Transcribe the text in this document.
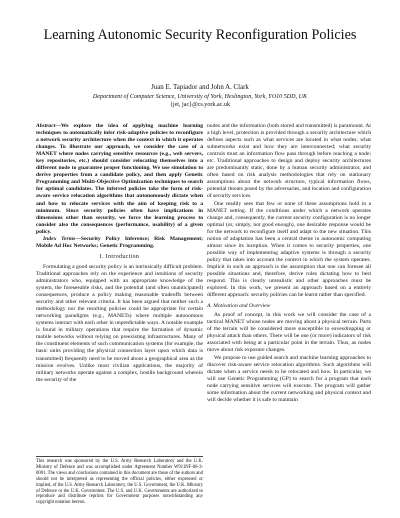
Learning Autonomic Security Reconfiguration Policies
Juan E. Tapiador and John A. Clark
Department of Computer Science, University of York, Heslington, York, YO10 5DD, UK
{jet, jac}@cs.york.ac.uk

Abstract—We explore the idea of applying machine learning techniques to automatically infer risk-adaptive policies to reconfigure a network security architecture when the context in which it operates changes. To illustrate our approach, we consider the case of a MANET where nodes carrying sensitive resources (e.g., web servers, key repositories, etc.) should consider relocating themselves into a different node to guarantee proper functioning. We use simulation to derive properties from a candidate policy, and then apply Genetic Programming and Multi-Objective Optimization techniques to search for optimal candidates. The inferred policies take the form of risk-aware service relocation algorithms that autonomously dictate when and how to relocate services with the aim of keeping risk to a minimum. Since security policies often have implications in dimensions other than security, we force the learning process to consider also the consequences (performance, usability) of a given policy.

Index Terms—Security Policy Inference; Risk Management; Mobile Ad Hoc Networks; Genetic Programming.

I. Introduction

Formulating a good security policy is an intrinsically difficult problem. Traditional approaches rely on the experience and intuitions of security administrators who, equipped with an appropriate knowledge of the system, the foreseeable risks, and the potential (and often unanticipated) consequences, produce a policy making reasonable tradeoffs between security and other relevant criteria. It has been argued that neither such a methodology nor the resulting policies could be appropriate for certain networking paradigms (e.g., MANETs) where multiple autonomous systems interact with each other in unpredictable ways. A notable example is found in military operations that require the formation of dynamic mobile networks without relying on preexisting infrastructures. Many of the constituent elements of such communication systems (for example, the basic units providing the physical connection layer upon which data is transmitted) frequently need to be moved about a geographical area as the mission evolves. Unlike most civilian applications, the majority of military networks operate against a complex, hostile background wherein the security of the

This research was sponsored by the U.S. Army Research Laboratory and the U.K. Ministry of Defence and was accomplished under Agreement Number W911NF-06-3-0001. The views and conclusions contained in this document are those of the authors and should not be interpreted as representing the official policies, either expressed or implied, of the U.S. Army Research Laboratory, the U.S. Government, the U.K. Ministry of Defence or the U.K. Government. The U.S. and U.K. Governments are authorized to reproduce and distribute reprints for Government purposes notwithstanding any copyright notation hereon.

nodes and the information (both stored and transmitted) is paramount. At a high level, protection is provided through a security architecture which defines aspects such as what services are located in what nodes; what subnetworks exist and how they are interconnected; what security controls must an information flow pass through before reaching a node; etc. Traditional approaches to design and deploy security architectures are predominantly static, done by a human security administrator, and often based on risk analysis methodologies that rely on stationary assumptions about the network structure, typical information flows, potential threats posed by the adversaries, and location and configuration of security services.

One readily sees that few or none of these assumptions hold in a MANET setting. If the conditions under which a network operates change and, consequently, the current security configuration is no longer optimal (or, simply, not good enough), one desirable response would be for the network to reconfigure itself and adapt to the new situation. This notion of adaptation has been a central theme in autonomic computing almost since its inception. When it comes to security properties, one possible way of implementing adaptive systems is through a security policy that takes into account the context in which the system operates. Implicit in such an approach is the assumption that one can foresee all possible situations and, therefore, derive rules dictating how to best respond. This is clearly unrealistic and other approaches must be explored. In this work, we present an approach based on a entirely different approach: security policies can be learnt rather than specified.

A. Motivation and Overview

As proof of concept, in this work we will consider the case of a tactical MANET whose nodes are moving about a physical terrain. Parts of the terrain will be considered more susceptible to eavesdropping or physical attack than others. There will be one (or more) indicators of risk associated with being at a particular point in the terrain. Thus, as nodes move about risk exposure changes.

We propose to use guided search and machine learning approaches to discover risk-aware service relocation algorithms. Such algorithms will dictate when a service needs to be relocated and how. In particular, we will use Genetic Programming (GP) to search for a program that each node carrying sensitive services will execute. The program will gather some information about the current networking and physical context and will decide whether it is safe to maintain
